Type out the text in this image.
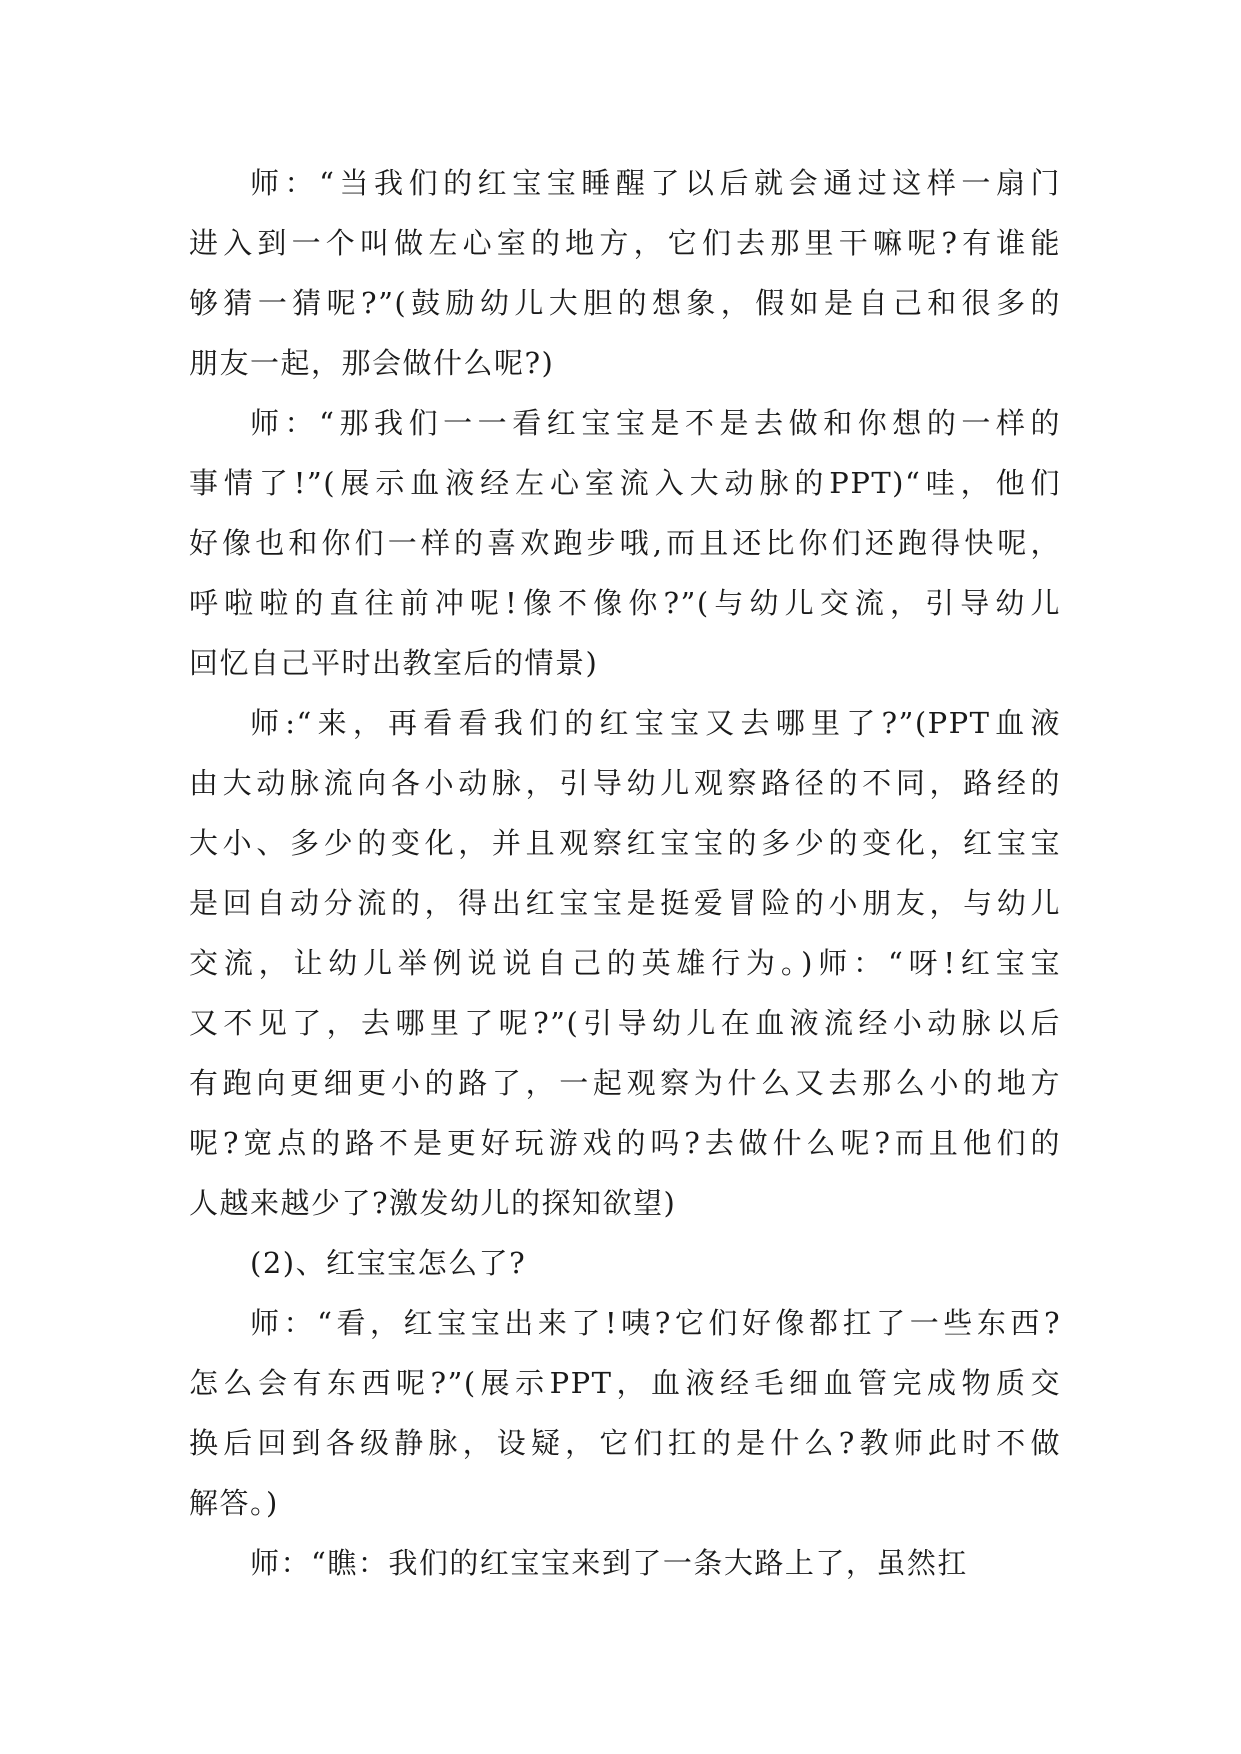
师：“当我们的红宝宝睡醒了以后就会通过这样一扇门
进入到一个叫做左心室的地方，它们去那里干嘛呢?有谁能
够猜一猜呢?”(鼓励幼儿大胆的想象，假如是自己和很多的
朋友一起，那会做什么呢?)
师：“那我们一一看红宝宝是不是去做和你想的一样的
事情了!”(展示血液经左心室流入大动脉的PPT)“哇，他们
好像也和你们一样的喜欢跑步哦,而且还比你们还跑得快呢，
呼啦啦的直往前冲呢!像不像你?”(与幼儿交流，引导幼儿
回忆自己平时出教室后的情景)
师:“来，再看看我们的红宝宝又去哪里了?”(PPT血液
由大动脉流向各小动脉，引导幼儿观察路径的不同，路经的
大小、多少的变化，并且观察红宝宝的多少的变化，红宝宝
是回自动分流的，得出红宝宝是挺爱冒险的小朋友，与幼儿
交流，让幼儿举例说说自己的英雄行为。)师：“呀!红宝宝
又不见了，去哪里了呢?”(引导幼儿在血液流经小动脉以后
有跑向更细更小的路了，一起观察为什么又去那么小的地方
呢?宽点的路不是更好玩游戏的吗?去做什么呢?而且他们的
人越来越少了?激发幼儿的探知欲望)
(2)、红宝宝怎么了?
师：“看，红宝宝出来了!咦?它们好像都扛了一些东西?
怎么会有东西呢?”(展示PPT，血液经毛细血管完成物质交
换后回到各级静脉，设疑，它们扛的是什么?教师此时不做
解答。)
师：“瞧：我们的红宝宝来到了一条大路上了，虽然扛
